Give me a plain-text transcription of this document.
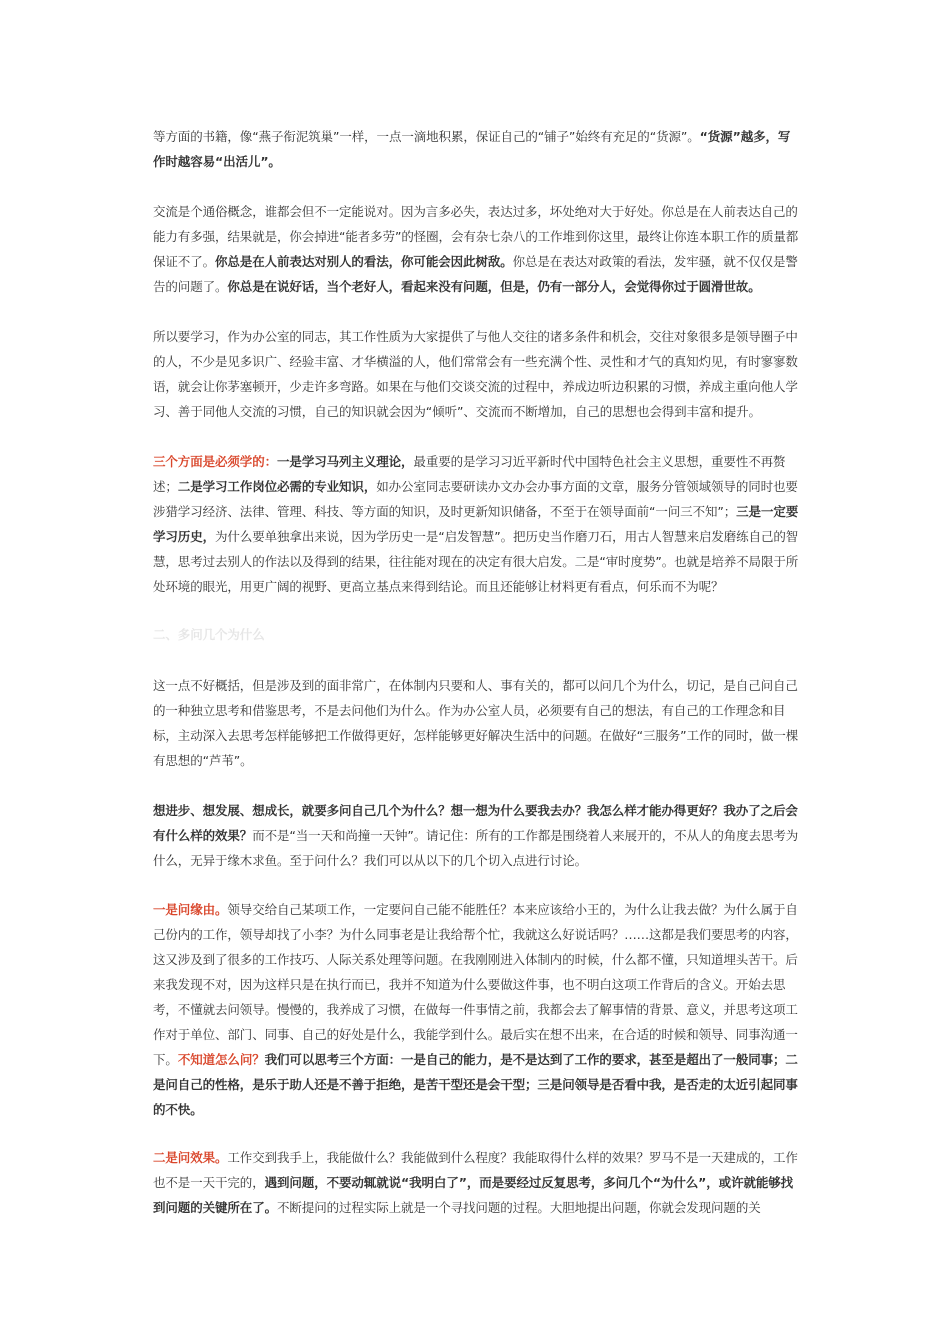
等方面的书籍，像“燕子衔泥筑巢”一样，一点一滴地积累，保证自己的“铺子”始终有充足的“货源”。“货源”越多，写作时越容易“出活儿”。

交流是个通俗概念，谁都会但不一定能说对。因为言多必失，表达过多，坏处绝对大于好处。你总是在人前表达自己的能力有多强，结果就是，你会掉进“能者多劳”的怪圈，会有杂七杂八的工作堆到你这里，最终让你连本职工作的质量都保证不了。你总是在人前表达对别人的看法，你可能会因此树敌。你总是在表达对政策的看法，发牢骚，就不仅仅是警告的问题了。你总是在说好话，当个老好人，看起来没有问题，但是，仍有一部分人，会觉得你过于圆滑世故。

所以要学习，作为办公室的同志，其工作性质为大家提供了与他人交往的诸多条件和机会，交往对象很多是领导圈子中的人，不少是见多识广、经验丰富、才华横溢的人，他们常常会有一些充满个性、灵性和才气的真知灼见，有时寥寥数语，就会让你茅塞顿开，少走许多弯路。如果在与他们交谈交流的过程中，养成边听边积累的习惯，养成主重向他人学习、善于同他人交流的习惯，自己的知识就会因为“倾听”、交流而不断增加，自己的思想也会得到丰富和提升。

三个方面是必须学的：一是学习马列主义理论，最重要的是学习习近平新时代中国特色社会主义思想，重要性不再赘述；二是学习工作岗位必需的专业知识，如办公室同志要研读办文办会办事方面的文章，服务分管领域领导的同时也要涉猎学习经济、法律、管理、科技、等方面的知识，及时更新知识储备，不至于在领导面前“一问三不知”；三是一定要学习历史，为什么要单独拿出来说，因为学历史一是“启发智慧”。把历史当作磨刀石，用古人智慧来启发磨练自己的智慧，思考过去别人的作法以及得到的结果，往往能对现在的决定有很大启发。二是“审时度势”。也就是培养不局限于所处环境的眼光，用更广阔的视野、更高立基点来得到结论。而且还能够让材料更有看点，何乐而不为呢？

二、多问几个为什么

这一点不好概括，但是涉及到的面非常广，在体制内只要和人、事有关的，都可以问几个为什么，切记，是自己问自己的一种独立思考和借鉴思考，不是去问他们为什么。作为办公室人员，必须要有自己的想法，有自己的工作理念和目标，主动深入去思考怎样能够把工作做得更好，怎样能够更好解决生活中的问题。在做好“三服务”工作的同时，做一棵有思想的“芦苇”。

想进步、想发展、想成长，就要多问自己几个为什么？想一想为什么要我去办？我怎么样才能办得更好？我办了之后会有什么样的效果？而不是“当一天和尚撞一天钟”。请记住：所有的工作都是围绕着人来展开的，不从人的角度去思考为什么，无异于缘木求鱼。至于问什么？我们可以从以下的几个切入点进行讨论。

一是问缘由。领导交给自己某项工作，一定要问自己能不能胜任？本来应该给小王的，为什么让我去做？为什么属于自己份内的工作，领导却找了小李？为什么同事老是让我给帮个忙，我就这么好说话吗？……这都是我们要思考的内容，这又涉及到了很多的工作技巧、人际关系处理等问题。在我刚刚进入体制内的时候，什么都不懂，只知道埋头苦干。后来我发现不对，因为这样只是在执行而已，我并不知道为什么要做这件事，也不明白这项工作背后的含义。开始去思考，不懂就去问领导。慢慢的，我养成了习惯，在做每一件事情之前，我都会去了解事情的背景、意义，并思考这项工作对于单位、部门、同事、自己的好处是什么，我能学到什么。最后实在想不出来，在合适的时候和领导、同事沟通一下。不知道怎么问？我们可以思考三个方面：一是自己的能力，是不是达到了工作的要求，甚至是超出了一般同事；二是问自己的性格，是乐于助人还是不善于拒绝，是苦干型还是会干型；三是问领导是否看中我，是否走的太近引起同事的不快。

二是问效果。工作交到我手上，我能做什么？我能做到什么程度？我能取得什么样的效果？罗马不是一天建成的，工作也不是一天干完的，遇到问题，不要动辄就说“我明白了”，而是要经过反复思考，多问几个“为什么”，或许就能够找到问题的关键所在了。不断提问的过程实际上就是一个寻找问题的过程。大胆地提出问题，你就会发现问题的关
